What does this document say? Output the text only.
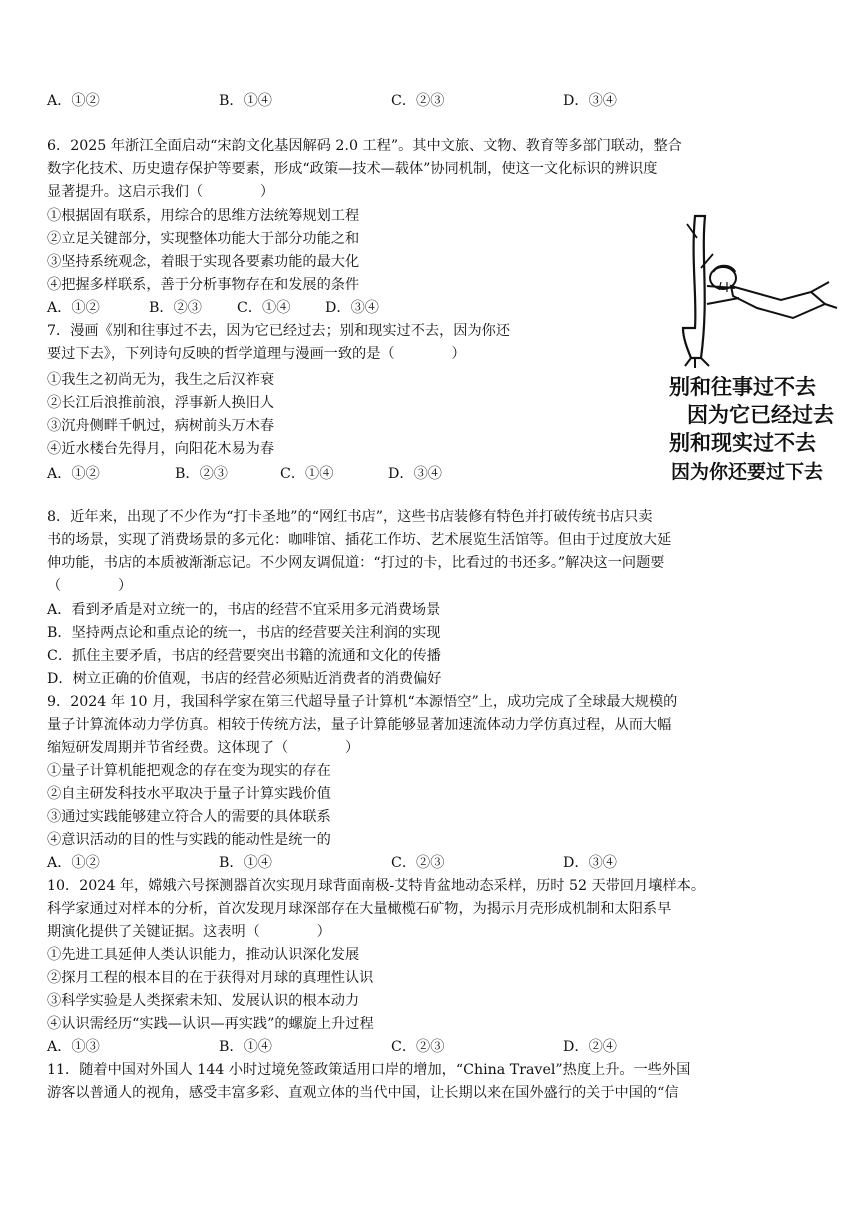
A．①②	B．①④	C．②③	D．③④
6．2025 年浙江全面启动“宋韵文化基因解码 2.0 工程”。其中文旅、文物、教育等多部门联动，整合
数字化技术、历史遗存保护等要素，形成“政策—技术—载体”协同机制，使这一文化标识的辨识度
显著提升。这启示我们（　　　　）
①根据固有联系，用综合的思维方法统筹规划工程
②立足关键部分，实现整体功能大于部分功能之和
③坚持系统观念，着眼于实现各要素功能的最大化
④把握多样联系，善于分析事物存在和发展的条件
A．①②	B．②③ C．①④ D．③④
7．漫画《别和往事过不去，因为它已经过去；别和现实过不去，因为你还
要过下去》，下列诗句反映的哲学道理与漫画一致的是（　　　　）
①我生之初尚无为，我生之后汉祚衰
②长江后浪推前浪，浮事新人换旧人
③沉舟侧畔千帆过，病树前头万木春
④近水楼台先得月，向阳花木易为春
A．①②	B．②③	C．①④	D．③④
8．近年来，出现了不少作为“打卡圣地”的“网红书店”，这些书店装修有特色并打破传统书店只卖
书的场景，实现了消费场景的多元化：咖啡馆、插花工作坊、艺术展览生活馆等。但由于过度放大延
伸功能，书店的本质被渐渐忘记。不少网友调侃道：“打过的卡，比看过的书还多。”解决这一问题要
（　　　　）
A．看到矛盾是对立统一的，书店的经营不宜采用多元消费场景
B．坚持两点论和重点论的统一，书店的经营要关注利润的实现
C．抓住主要矛盾，书店的经营要突出书籍的流通和文化的传播
D．树立正确的价值观，书店的经营必须贴近消费者的消费偏好
9．2024 年 10 月，我国科学家在第三代超导量子计算机“本源悟空”上，成功完成了全球最大规模的
量子计算流体动力学仿真。相较于传统方法，量子计算能够显著加速流体动力学仿真过程，从而大幅
缩短研发周期并节省经费。这体现了（　　　　）
①量子计算机能把观念的存在变为现实的存在
②自主研发科技水平取决于量子计算实践价值
③通过实践能够建立符合人的需要的具体联系
④意识活动的目的性与实践的能动性是统一的
A．①②	B．①④	C．②③	D．③④
10．2024 年，嫦娥六号探测器首次实现月球背面南极-艾特肯盆地动态采样，历时 52 天带回月壤样本。
科学家通过对样本的分析，首次发现月球深部存在大量橄榄石矿物，为揭示月壳形成机制和太阳系早
期演化提供了关键证据。这表明（　　　　）
①先进工具延伸人类认识能力，推动认识深化发展
②探月工程的根本目的在于获得对月球的真理性认识
③科学实验是人类探索未知、发展认识的根本动力
④认识需经历“实践—认识—再实践”的螺旋上升过程
A．①③	B．①④	C．②③	D．②④
11．随着中国对外国人 144 小时过境免签政策适用口岸的增加，“China Travel”热度上升。一些外国
游客以普通人的视角，感受丰富多彩、直观立体的当代中国，让长期以来在国外盛行的关于中国的“信
别和往事过不去
因为它已经过去
别和现实过不去
因为你还要过下去
